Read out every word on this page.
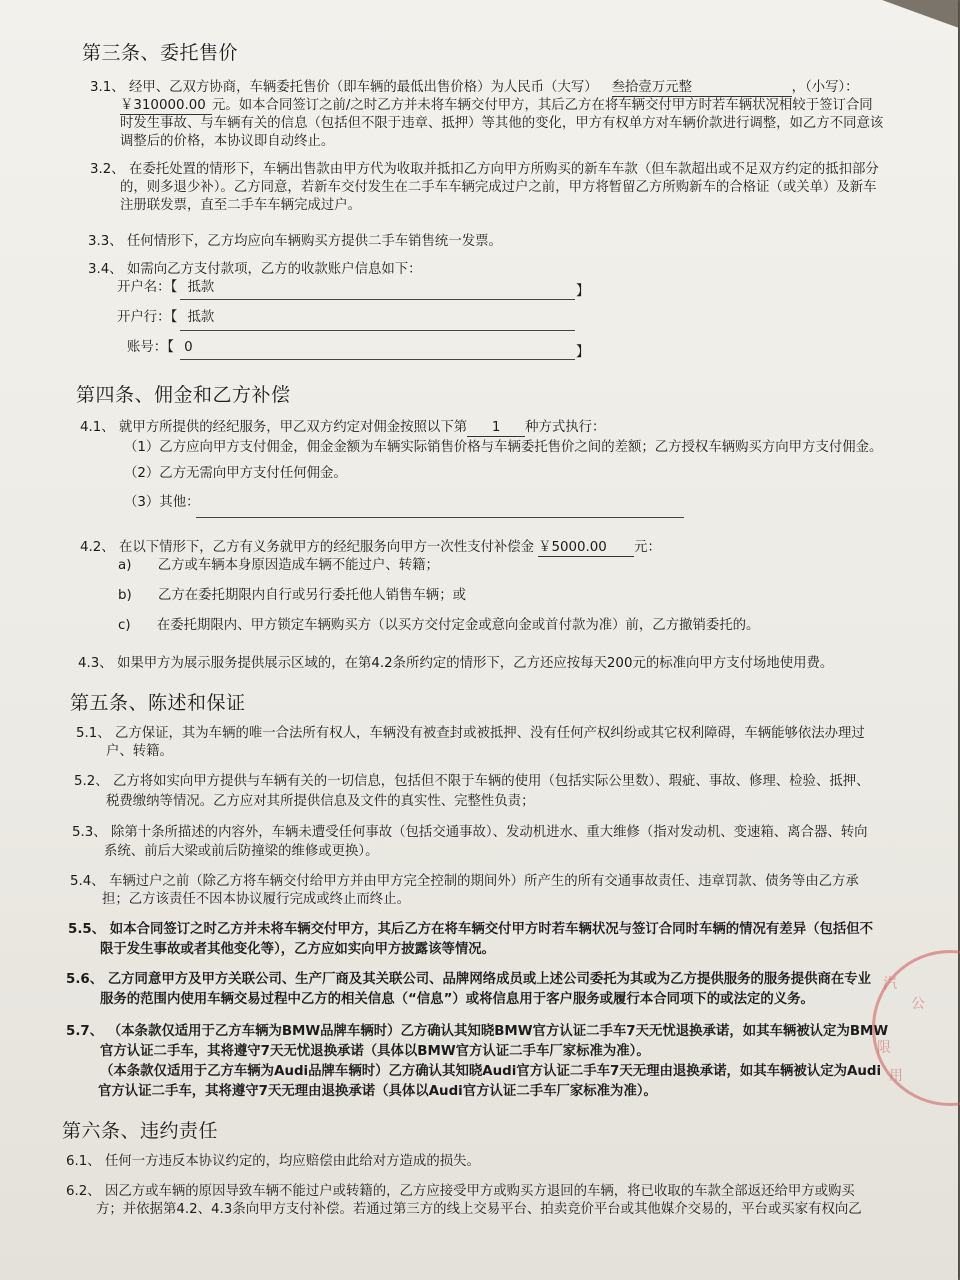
第三条、委托售价
3.1、 经甲、乙双方协商，车辆委托售价（即车辆的最低出售价格）为人民币（大写） 叁拾壹万元整	，（小写）：
￥310000.00 元。如本合同签订之前/之时乙方并未将车辆交付甲方，其后乙方在将车辆交付甲方时若车辆状况相较于签订合同
时发生事故、与车辆有关的信息（包括但不限于违章、抵押）等其他的变化，甲方有权单方对车辆价款进行调整，如乙方不同意该
调整后的价格，本协议即自动终止。
3.2、 在委托处置的情形下，车辆出售款由甲方代为收取并抵扣乙方向甲方所购买的新车车款（但车款超出或不足双方约定的抵扣部分
的，则多退少补）。乙方同意，若新车交付发生在二手车车辆完成过户之前，甲方将暂留乙方所购新车的合格证（或关单）及新车
注册联发票，直至二手车车辆完成过户。
3.3、 任何情形下，乙方均应向车辆购买方提供二手车销售统一发票。
3.4、 如需向乙方支付款项，乙方的收款账户信息如下：
开户名：【 抵款	】
开户行：【 抵款
账号：【 0	】
第四条、佣金和乙方补偿
4.1、 就甲方所提供的经纪服务，甲乙双方约定对佣金按照以下第 1 种方式执行：
（1）乙方应向甲方支付佣金，佣金金额为车辆实际销售价格与车辆委托售价之间的差额；乙方授权车辆购买方向甲方支付佣金。
（2）乙方无需向甲方支付任何佣金。
（3）其他：
4.2、 在以下情形下，乙方有义务就甲方的经纪服务向甲方一次性支付补偿金 ￥5000.00 元：
a) 乙方或车辆本身原因造成车辆不能过户、转籍；
b) 乙方在委托期限内自行或另行委托他人销售车辆；或
c) 在委托期限内、甲方锁定车辆购买方（以买方交付定金或意向金或首付款为准）前，乙方撤销委托的。
4.3、 如果甲方为展示服务提供展示区域的，在第4.2条所约定的情形下，乙方还应按每天200元的标准向甲方支付场地使用费。
第五条、陈述和保证
5.1、 乙方保证，其为车辆的唯一合法所有权人，车辆没有被查封或被抵押、没有任何产权纠纷或其它权利障碍，车辆能够依法办理过
户、转籍。
5.2、 乙方将如实向甲方提供与车辆有关的一切信息，包括但不限于车辆的使用（包括实际公里数）、瑕疵、事故、修理、检验、抵押、
税费缴纳等情况。乙方应对其所提供信息及文件的真实性、完整性负责；
5.3、 除第十条所描述的内容外，车辆未遭受任何事故（包括交通事故）、发动机进水、重大维修（指对发动机、变速箱、离合器、转向
系统、前后大梁或前后防撞梁的维修或更换）。
5.4、 车辆过户之前（除乙方将车辆交付给甲方并由甲方完全控制的期间外）所产生的所有交通事故责任、违章罚款、债务等由乙方承
担；乙方该责任不因本协议履行完成或终止而终止。
5.5、 如本合同签订之时乙方并未将车辆交付甲方，其后乙方在将车辆交付甲方时若车辆状况与签订合同时车辆的情况有差异（包括但不
限于发生事故或者其他变化等），乙方应如实向甲方披露该等情况。
5.6、 乙方同意甲方及甲方关联公司、生产厂商及其关联公司、品牌网络成员或上述公司委托为其或为乙方提供服务的服务提供商在专业
服务的范围内使用车辆交易过程中乙方的相关信息（“信息”）或将信息用于客户服务或履行本合同项下的或法定的义务。
5.7、 （本条款仅适用于乙方车辆为BMW品牌车辆时）乙方确认其知晓BMW官方认证二手车7天无忧退换承诺，如其车辆被认定为BMW
官方认证二手车，其将遵守7天无忧退换承诺（具体以BMW官方认证二手车厂家标准为准）。
（本条款仅适用于乙方车辆为Audi品牌车辆时）乙方确认其知晓Audi官方认证二手车7天无理由退换承诺，如其车辆被认定为Audi
官方认证二手车，其将遵守7天无理由退换承诺（具体以Audi官方认证二手车厂家标准为准）。
第六条、违约责任
6.1、 任何一方违反本协议约定的，均应赔偿由此给对方造成的损失。
6.2、 因乙方或车辆的原因导致车辆不能过户或转籍的，乙方应接受甲方或购买方退回的车辆，将已收取的车款全部返还给甲方或购买
方；并依据第4.2、4.3条向甲方支付补偿。若通过第三方的线上交易平台、拍卖竞价平台或其他媒介交易的，平台或买家有权向乙
汽
公
限
用
